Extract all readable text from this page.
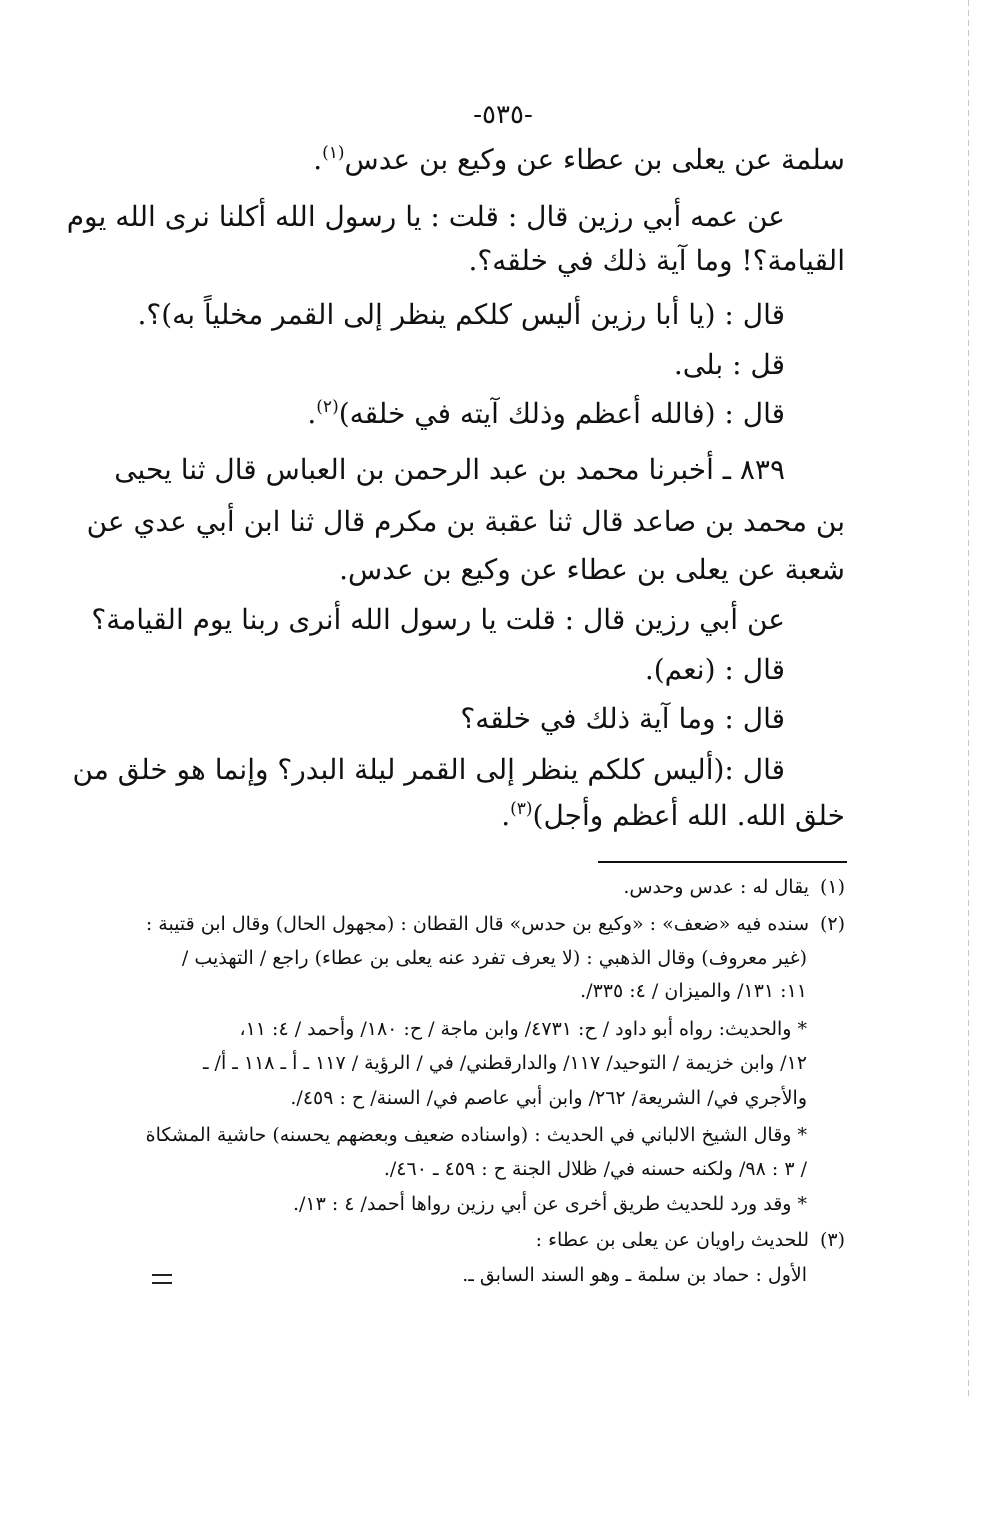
-٥٣٥-
سلمة عن يعلى بن عطاء عن وكيع بن عدس$^{(١)}$.
عن عمه أبي رزين قال : قلت : يا رسول الله أكلنا نرى الله يوم
القيامة؟! وما آية ذلك في خلقه؟.
قال : (يا أبا رزين أليس كلكم ينظر إلى القمر مخلياً به)؟.
قل : بلى.
قال : (فالله أعظم وذلك آيته في خلقه)$^{(٢)}$.
٨٣٩ ـ أخبرنا محمد بن عبد الرحمن بن العباس قال ثنا يحيى
بن محمد بن صاعد قال ثنا عقبة بن مكرم قال ثنا ابن أبي عدي عن
شعبة عن يعلى بن عطاء عن وكيع بن عدس.
عن أبي رزين قال : قلت يا رسول الله أنرى ربنا يوم القيامة؟
قال : (نعم).
قال : وما آية ذلك في خلقه؟
قال :(أليس كلكم ينظر إلى القمر ليلة البدر؟ وإنما هو خلق من
خلق الله. الله أعظم وأجل)$^{(٣)}$.
(١)يقال له : عدس وحدس.
(٢)سنده فيه «ضعف» : «وكيع بن حدس» قال القطان : (مجهول الحال) وقال ابن قتيبة :
(غير معروف) وقال الذهبي : (لا يعرف تفرد عنه يعلى بن عطاء) راجع / التهذيب /
١١: ١٣١/ والميزان / ٤: ٣٣٥/.
* والحديث: رواه أبو داود / ح: ٤٧٣١/ وابن ماجة / ح: ١٨٠/ وأحمد / ٤: ١١،
١٢/ وابن خزيمة / التوحيد/ ١١٧/ والدارقطني/ في / الرؤية / ١١٧ ـ أ ـ ١١٨ ـ أ/ ـ
والأجري في/ الشريعة/ ٢٦٢/ وابن أبي عاصم في/ السنة/ ح : ٤٥٩/.
* وقال الشيخ الالباني في الحديث : (واسناده ضعيف وبعضهم يحسنه) حاشية المشكاة
/ ٣ : ٩٨/ ولكنه حسنه في/ ظلال الجنة ح : ٤٥٩ ـ ٤٦٠/.
* وقد ورد للحديث طريق أخرى عن أبي رزين رواها أحمد/ ٤ : ١٣/.
(٣)للحديث راويان عن يعلى بن عطاء :
الأول : حماد بن سلمة ـ وهو السند السابق ـ.
